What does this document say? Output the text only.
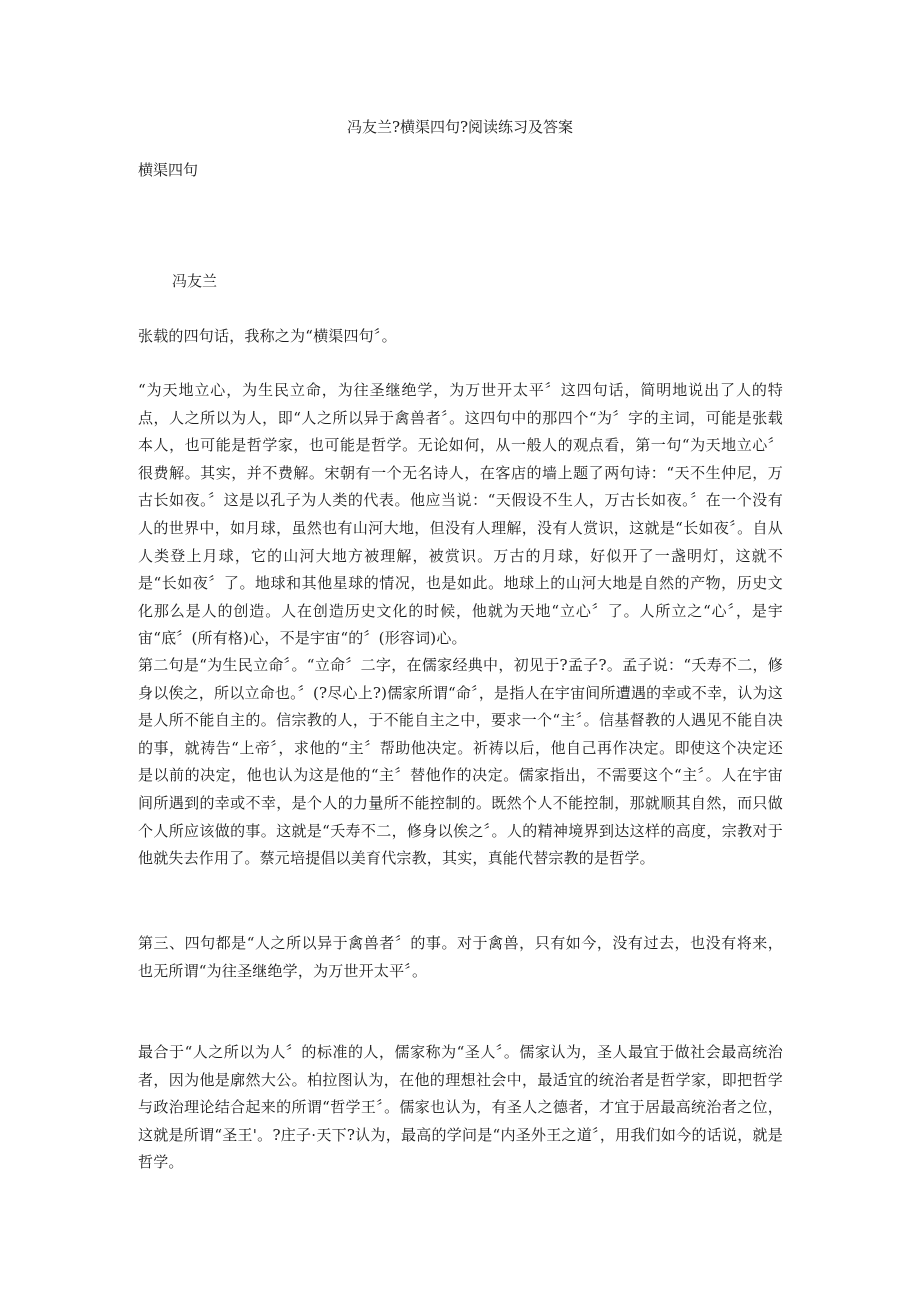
冯友兰?横渠四句?阅读练习及答案
横渠四句
冯友兰

张载的四句话，我称之为“横渠四句〞。

“为天地立心，为生民立命，为往圣继绝学，为万世开太平〞这四句话，简明地说出了人的特点，人之所以为人，即“人之所以异于禽兽者〞。这四句中的那四个“为〞字的主词，可能是张载本人，也可能是哲学家，也可能是哲学。无论如何，从一般人的观点看，第一句“为天地立心〞很费解。其实，并不费解。宋朝有一个无名诗人，在客店的墙上题了两句诗：“天不生仲尼，万古长如夜。〞这是以孔子为人类的代表。他应当说：“天假设不生人，万古长如夜。〞在一个没有人的世界中，如月球，虽然也有山河大地，但没有人理解，没有人赏识，这就是“长如夜〞。自从人类登上月球，它的山河大地方被理解，被赏识。万古的月球，好似开了一盏明灯，这就不是“长如夜〞了。地球和其他星球的情况，也是如此。地球上的山河大地是自然的产物，历史文化那么是人的创造。人在创造历史文化的时候，他就为天地“立心〞了。人所立之“心〞，是宇宙“底〞(所有格)心，不是宇宙“的〞(形容词)心。

第二句是“为生民立命〞。“立命〞二字，在儒家经典中，初见于?孟子?。孟子说：“夭寿不二，修身以俟之，所以立命也。〞(?尽心上?)儒家所谓“命〞，是指人在宇宙间所遭遇的幸或不幸，认为这是人所不能自主的。信宗教的人，于不能自主之中，要求一个“主〞。信基督教的人遇见不能自决的事，就祷告“上帝〞，求他的“主〞帮助他决定。祈祷以后，他自己再作决定。即使这个决定还是以前的决定，他也认为这是他的“主〞替他作的决定。儒家指出，不需要这个“主〞。人在宇宙间所遇到的幸或不幸，是个人的力量所不能控制的。既然个人不能控制，那就顺其自然，而只做个人所应该做的事。这就是“夭寿不二，修身以俟之〞。人的精神境界到达这样的高度，宗教对于他就失去作用了。蔡元培提倡以美育代宗教，其实，真能代替宗教的是哲学。

第三、四句都是“人之所以异于禽兽者〞的事。对于禽兽，只有如今，没有过去，也没有将来，也无所谓“为往圣继绝学，为万世开太平〞。

最合于“人之所以为人〞的标准的人，儒家称为“圣人〞。儒家认为，圣人最宜于做社会最高统治者，因为他是廓然大公。柏拉图认为，在他的理想社会中，最适宜的统治者是哲学家，即把哲学与政治理论结合起来的所谓“哲学王〞。儒家也认为，有圣人之德者，才宜于居最高统治者之位，这就是所谓“圣王'。?庄子·天下?认为，最高的学问是“内圣外王之道〞，用我们如今的话说，就是哲学。
